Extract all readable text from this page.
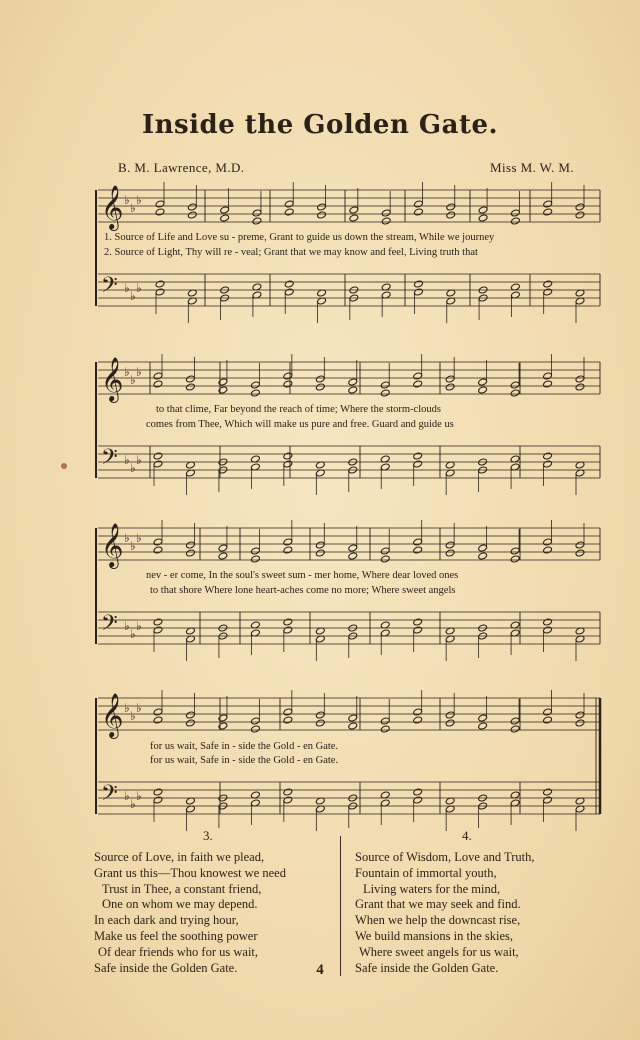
Inside the Golden Gate.
B. M. Lawrence, M.D.	Miss M. W. M.
𝄞 ♭
♭
♭
𝄢 ♭
♭
♭
𝄞 ♭
♭
♭
𝄢 ♭
♭
♭
𝄞 ♭
♭
♭
𝄢 ♭
♭
♭
𝄞 ♭
♭
♭
𝄢 ♭
♭
♭
1. Source of Life and Love su - preme, Grant to guide us down the stream, While we journey
2. Source of Light, Thy will re - veal; Grant that we may know and feel, Living truth that
to that clime, Far beyond the reach of time; Where the storm-clouds
comes from Thee, Which will make us pure and free. Guard and guide us
nev - er come, In the soul's sweet sum - mer home, Where dear loved ones
to that shore Where lone heart-aches come no more; Where sweet angels
for us wait, Safe in - side the Gold - en Gate.
for us wait, Safe in - side the Gold - en Gate.
3.	4.
Source of Love, in faith we plead,
Grant us this—Thou knowest we need
Trust in Thee, a constant friend,
One on whom we may depend.
In each dark and trying hour,
Make us feel the soothing power
Of dear friends who for us wait,
Safe inside the Golden Gate.
Source of Wisdom, Love and Truth,
Fountain of immortal youth,
Living waters for the mind,
Grant that we may seek and find.
When we help the downcast rise,
We build mansions in the skies,
Where sweet angels for us wait,
Safe inside the Golden Gate.
4
